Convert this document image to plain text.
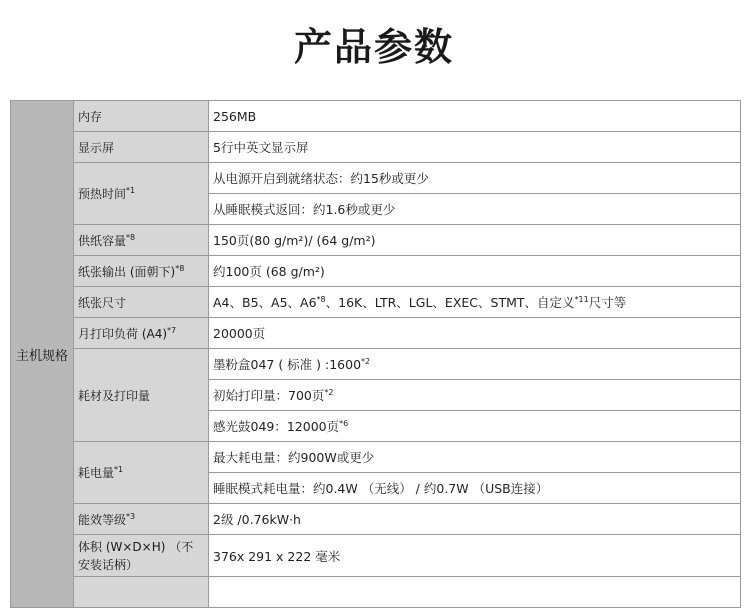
产品参数
主机规格	内存	256MB
	显示屏	5行中英文显示屏
	预热时间$^{*1}$	从电源开启到就绪状态：约15秒或更少
		从睡眠模式返回：约1.6秒或更少
	供纸容量$^{*8}$	150页(80 g/m²)/ (64 g/m²)
	纸张输出 (面朝下)$^{*8}$	约100页 (68 g/m²)
	纸张尺寸	A4、B5、A5、A6$^{*8}$、16K、LTR、LGL、EXEC、STMT、自定义$^{*11}$尺寸等
	月打印负荷 $(A4)^{*7}$	20000页
	耗材及打印量	墨粉盒047 ( 标准 ) :1600$^{*2}$
		初始打印量：700页$^{*2}$
		感光鼓049：12000页$^{*6}$
	耗电量$^{*1}$	最大耗电量：约900W或更少
		睡眠模式耗电量：约0.4W （无线） / 约0.7W （USB连接）
	能效等级$^{*3}$	2级 /0.76kW·h
	体积 (W×D×H) （不安装话柄）	376x 291 x 222 毫米
